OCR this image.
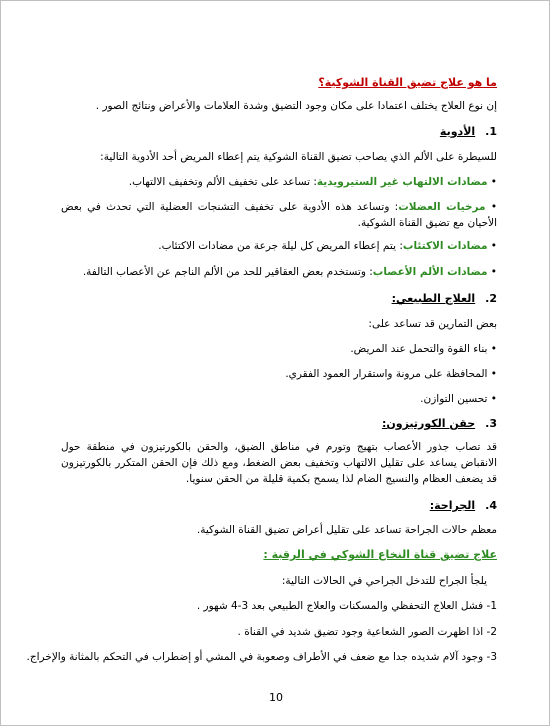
ما هو علاج تضيق القناة الشوكية؟
إن نوع العلاج يختلف اعتمادا على مكان وجود التضيق وشدة العلامات والأعراض ونتائج الصور .
1.الأدوية
للسيطرة على الألم الذي يصاحب تضيق القناة الشوكية يتم إعطاء المريض أحد الأدوية التالية:
• مضادات الالتهاب غير الستيرويدية: تساعد على تخفيف الألم وتخفيف الالتهاب.
• مرخيات العضلات: وتساعد هذه الأدوية على تخفيف التشنجات العضلية التي تحدث في بعض الأحيان مع تضيق القناة الشوكية.
• مضادات الاكتئاب: يتم إعطاء المريض كل ليلة جرعة من مضادات الاكتئاب.
• مضادات الألم الأعصاب: وتستخدم بعض العقاقير للحد من الألم الناجم عن الأعصاب التالفة.
2.العلاج الطبيعي:
بعض التمارين قد تساعد على:
• بناء القوة والتحمل عند المريض.
• المحافظة على مرونة واستقرار العمود الفقري.
• تحسين التوازن.
3.حقن الكورتيزون:
قد تصاب جذور الأعصاب بتهيج وتورم في مناطق الضيق، والحقن بالكورتيزون في منطقة حول الانقباض يساعد على تقليل الالتهاب وتخفيف بعض الضغط، ومع ذلك فإن الحقن المتكرر بالكورتيزون قد يضعف العظام والنسيج الضام لذا يسمح بكمية قليلة من الحقن سنويا.
4.الجراحة:
معظم حالات الجراحة تساعد على تقليل أعراض تضيق القناة الشوكية.
علاج تضيق قناة النخاع الشوكي في الرقبة :
يلجأ الجراح للتدخل الجراحي في الحالات التالية:
1- فشل العلاج التحفظي والمسكنات والعلاج الطبيعي بعد 3-4 شهور .
2- اذا اظهرت الصور الشعاعية وجود تضيق شديد في القناة .
3- وجود آلام شديده جدا مع ضعف في الأطراف وصعوبة في المشي أو إضطراب في التحكم بالمثانة والإخراج.
10
